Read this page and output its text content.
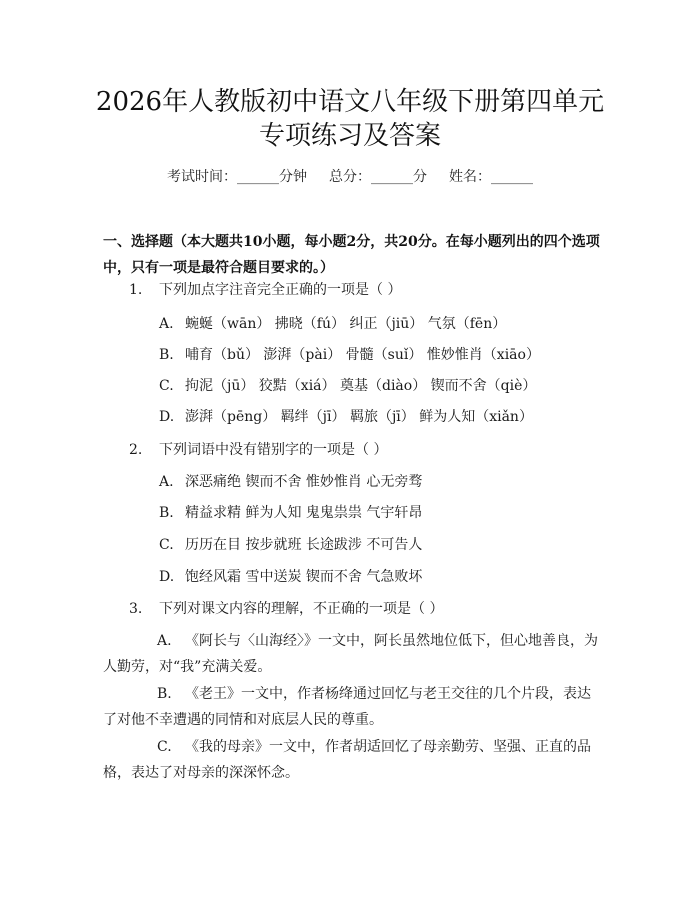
2026年人教版初中语文八年级下册第四单元
专项练习及答案
考试时间：______分钟 总分：______分 姓名：______
一、选择题（本大题共10小题，每小题2分，共20分。在每小题列出的四个选项中，只有一项是最符合题目要求的。）
1. 下列加点字注音完全正确的一项是（ ）
A. 蜿蜒（wān） 拂晓（fú） 纠正（jiū） 气氛（fēn）
B. 哺育（bǔ） 澎湃（pài） 骨髓（suǐ） 惟妙惟肖（xiāo）
C. 拘泥（jū） 狡黠（xiá） 奠基（diào） 锲而不舍（qiè）
D. 澎湃（pēng） 羁绊（jī） 羁旅（jī） 鲜为人知（xiǎn）
2. 下列词语中没有错别字的一项是（ ）
A. 深恶痛绝 锲而不舍 惟妙惟肖 心无旁骛
B. 精益求精 鲜为人知 鬼鬼祟祟 气宇轩昂
C. 历历在目 按步就班 长途跋涉 不可告人
D. 饱经风霜 雪中送炭 锲而不舍 气急败坏
3. 下列对课文内容的理解，不正确的一项是（ ）
A. 《阿长与〈山海经〉》一文中，阿长虽然地位低下，但心地善良，为人勤劳，对“我”充满关爱。
B. 《老王》一文中，作者杨绛通过回忆与老王交往的几个片段，表达了对他不幸遭遇的同情和对底层人民的尊重。
C. 《我的母亲》一文中，作者胡适回忆了母亲勤劳、坚强、正直的品格，表达了对母亲的深深怀念。
